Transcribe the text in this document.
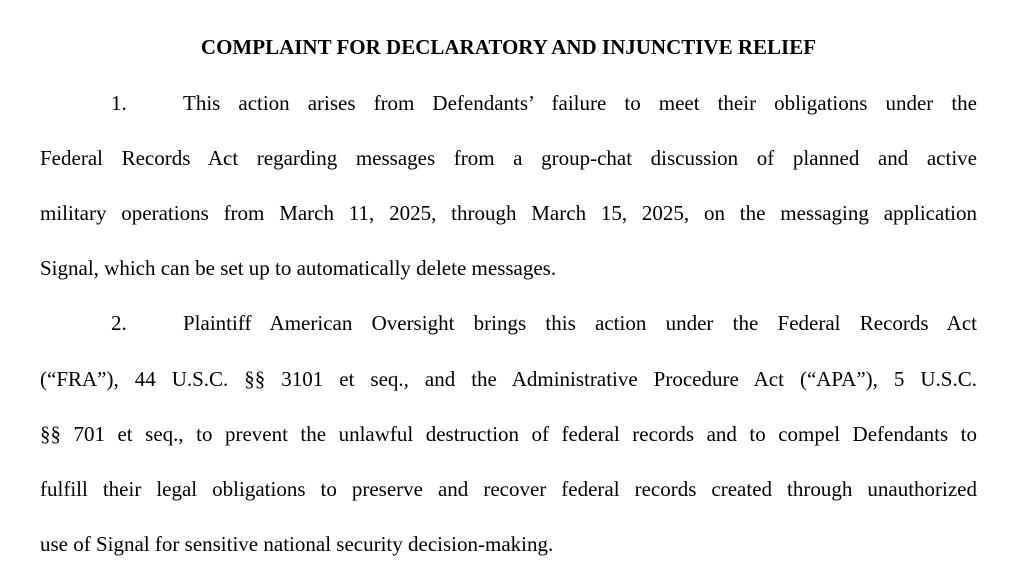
COMPLAINT FOR DECLARATORY AND INJUNCTIVE RELIEF
1.	This action arises from Defendants’ failure to meet their obligations under the
Federal Records Act regarding messages from a group-chat discussion of planned and active
military operations from March 11, 2025, through March 15, 2025, on the messaging application
Signal, which can be set up to automatically delete messages.
2.	Plaintiff American Oversight brings this action under the Federal Records Act
(“FRA”), 44 U.S.C. §§ 3101 et seq., and the Administrative Procedure Act (“APA”), 5 U.S.C.
§§ 701 et seq., to prevent the unlawful destruction of federal records and to compel Defendants to
fulfill their legal obligations to preserve and recover federal records created through unauthorized
use of Signal for sensitive national security decision-making.
